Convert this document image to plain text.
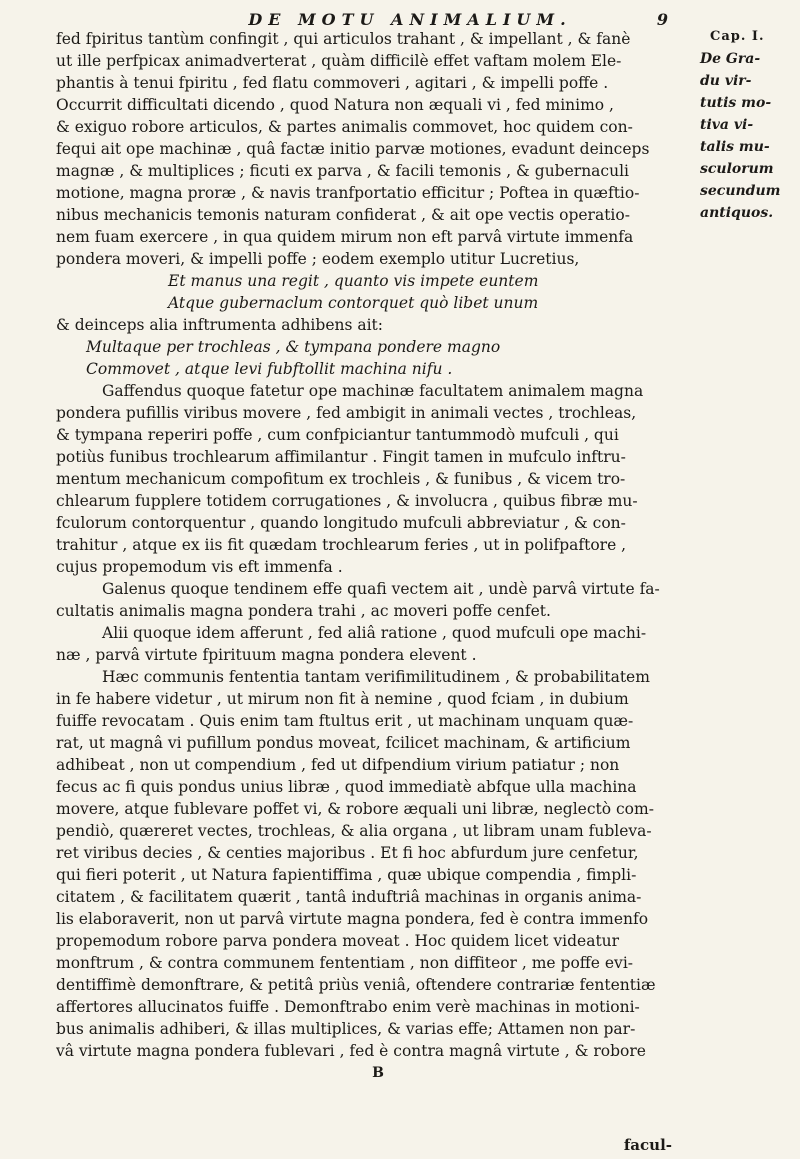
DE MOTU ANIMALIUM.	9
Cap. I.
De Gra-
du vir-
tutis mo-
tiva vi-
talis mu-
sculorum
secundum
antiquos.
fed fpiritus tantùm confingit , qui articulos trahant , & impellant , & fanè
ut ille perfpicax animadverterat , quàm difficilè effet vaftam molem Ele-
phantis à tenui fpiritu , fed flatu commoveri , agitari , & impelli poffe .
Occurrit difficultati dicendo , quod Natura non æquali vi , fed minimo ,
& exiguo robore articulos, & partes animalis commovet, hoc quidem con-
fequi ait ope machinæ , quâ factæ initio parvæ motiones, evadunt deinceps
magnæ , & multiplices ; ficuti ex parva , & facili temonis , & gubernaculi
motione, magna proræ , & navis tranfportatio efficitur ; Poftea in quæftio-
nibus mechanicis temonis naturam confiderat , & ait ope vectis operatio-
nem fuam exercere , in qua quidem mirum non eft parvâ virtute immenfa
pondera moveri, & impelli poffe ; eodem exemplo utitur Lucretius,
Et manus una regit , quanto vis impete euntem
Atque gubernaclum contorquet quò libet unum
& deinceps alia inftrumenta adhibens ait:
Multaque per trochleas , & tympana pondere magno
Commovet , atque levi fubftollit machina nifu .
Gaffendus quoque fatetur ope machinæ facultatem animalem magna
pondera pufillis viribus movere , fed ambigit in animali vectes , trochleas,
& tympana reperiri poffe , cum confpiciantur tantummodò mufculi , qui
potiùs funibus trochlearum affimilantur . Fingit tamen in mufculo inftru-
mentum mechanicum compofitum ex trochleis , & funibus , & vicem tro-
chlearum fupplere totidem corrugationes , & involucra , quibus fibræ mu-
fculorum contorquentur , quando longitudo mufculi abbreviatur , & con-
trahitur , atque ex iis fit quædam trochlearum feries , ut in polifpaftore ,
cujus propemodum vis eft immenfa .
Galenus quoque tendinem effe quafi vectem ait , undè parvâ virtute fa-
cultatis animalis magna pondera trahi , ac moveri poffe cenfet.
Alii quoque idem afferunt , fed aliâ ratione , quod mufculi ope machi-
næ , parvâ virtute fpirituum magna pondera elevent .
Hæc communis fententia tantam verifimilitudinem , & probabilitatem
in fe habere videtur , ut mirum non fit à nemine , quod fciam , in dubium
fuiffe revocatam . Quis enim tam ftultus erit , ut machinam unquam quæ-
rat, ut magnâ vi pufillum pondus moveat, fcilicet machinam, & artificium
adhibeat , non ut compendium , fed ut difpendium virium patiatur ; non
fecus ac fi quis pondus unius libræ , quod immediatè abfque ulla machina
movere, atque fublevare poffet vi, & robore æquali uni libræ, neglectò com-
pendiò, quæreret vectes, trochleas, & alia organa , ut libram unam fubleva-
ret viribus decies , & centies majoribus . Et fi hoc abfurdum jure cenfetur,
qui fieri poterit , ut Natura fapientiffima , quæ ubique compendia , fimpli-
citatem , & facilitatem quærit , tantâ induftriâ machinas in organis anima-
lis elaboraverit, non ut parvâ virtute magna pondera, fed è contra immenfo
propemodum robore parva pondera moveat . Hoc quidem licet videatur
monftrum , & contra communem fententiam , non diffiteor , me poffe evi-
dentiffimè demonftrare, & petitâ priùs veniâ, oftendere contrariæ fententiæ
affertores allucinatos fuiffe . Demonftrabo enim verè machinas in motioni-
bus animalis adhiberi, & illas multiplices, & varias effe; Attamen non par-
vâ virtute magna pondera fublevari , fed è contra magnâ virtute , & robore
B
facul-
